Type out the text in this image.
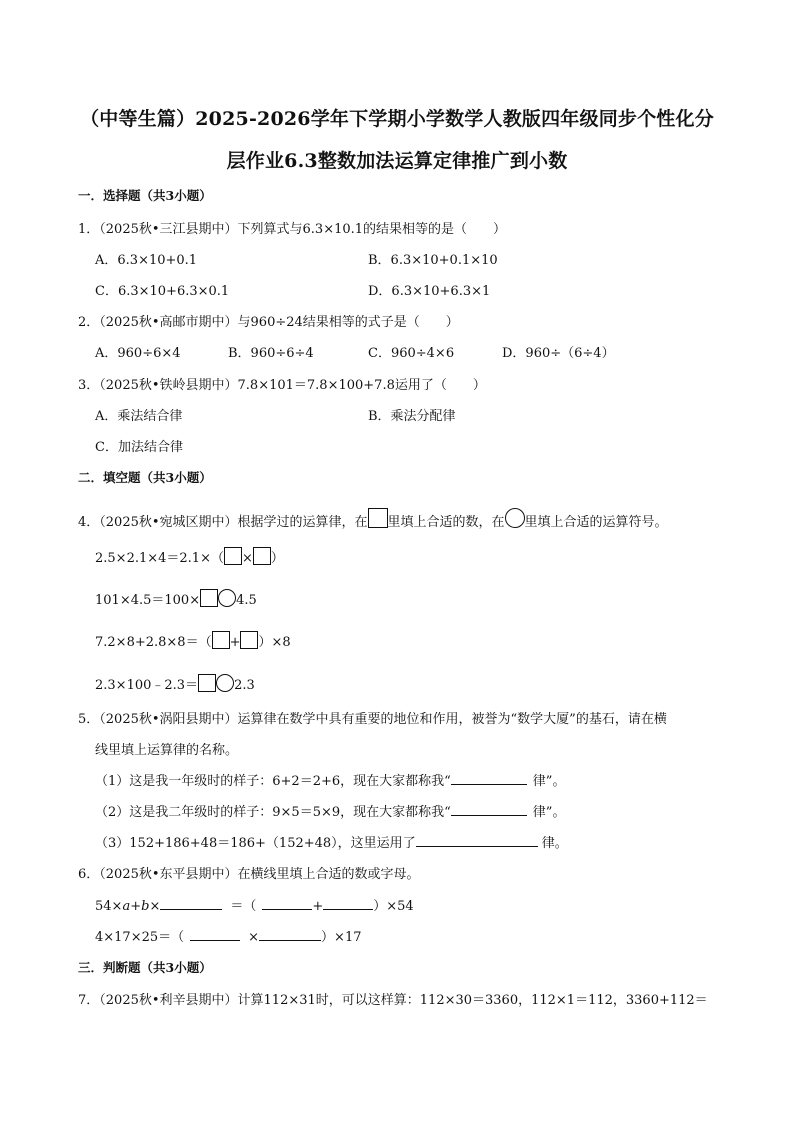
（中等生篇）2025-2026学年下学期小学数学人教版四年级同步个性化分
层作业6.3整数加法运算定律推广到小数
一．选择题（共3小题）
1．（2025秋•三江县期中）下列算式与6.3×10.1的结果相等的是（　　）
A．6.3×10+0.1	B．6.3×10+0.1×10
C．6.3×10+6.3×0.1	D．6.3×10+6.3×1
2．（2025秋•高邮市期中）与960÷24结果相等的式子是（　　）
A．960÷6×4	B．960÷6÷4	C．960÷4×6	D．960÷（6÷4）
3．（2025秋•铁岭县期中）7.8×101＝7.8×100+7.8运用了（　　）
A．乘法结合律	B．乘法分配律
C．加法结合律
二．填空题（共3小题）
4．（2025秋•宛城区期中）根据学过的运算律，在 里填上合适的数，在 里填上合适的运算符号。
2.5×2.1×4＝2.1×（ × ）
101×4.5＝100×	4.5
7.2×8+2.8×8＝（ + ）×8
2.3×100﹣2.3＝	2.3
5．（2025秋•涡阳县期中）运算律在数学中具有重要的地位和作用，被誉为“数学大厦”的基石，请在横
线里填上运算律的名称。
（1）这是我一年级时的样子：6+2＝2+6，现在大家都称我“	律”。
（2）这是我二年级时的样子：9×5＝5×9，现在大家都称我“	律”。
（3）152+186+48＝186+（152+48），这里运用了	律。
6．（2025秋•东平县期中）在横线里填上合适的数或字母。
54×a+b×	＝（	+	）×54
4×17×25＝（	×	）×17
三．判断题（共3小题）
7．（2025秋•利辛县期中）计算112×31时，可以这样算：112×30＝3360，112×1＝112，3360+112＝
